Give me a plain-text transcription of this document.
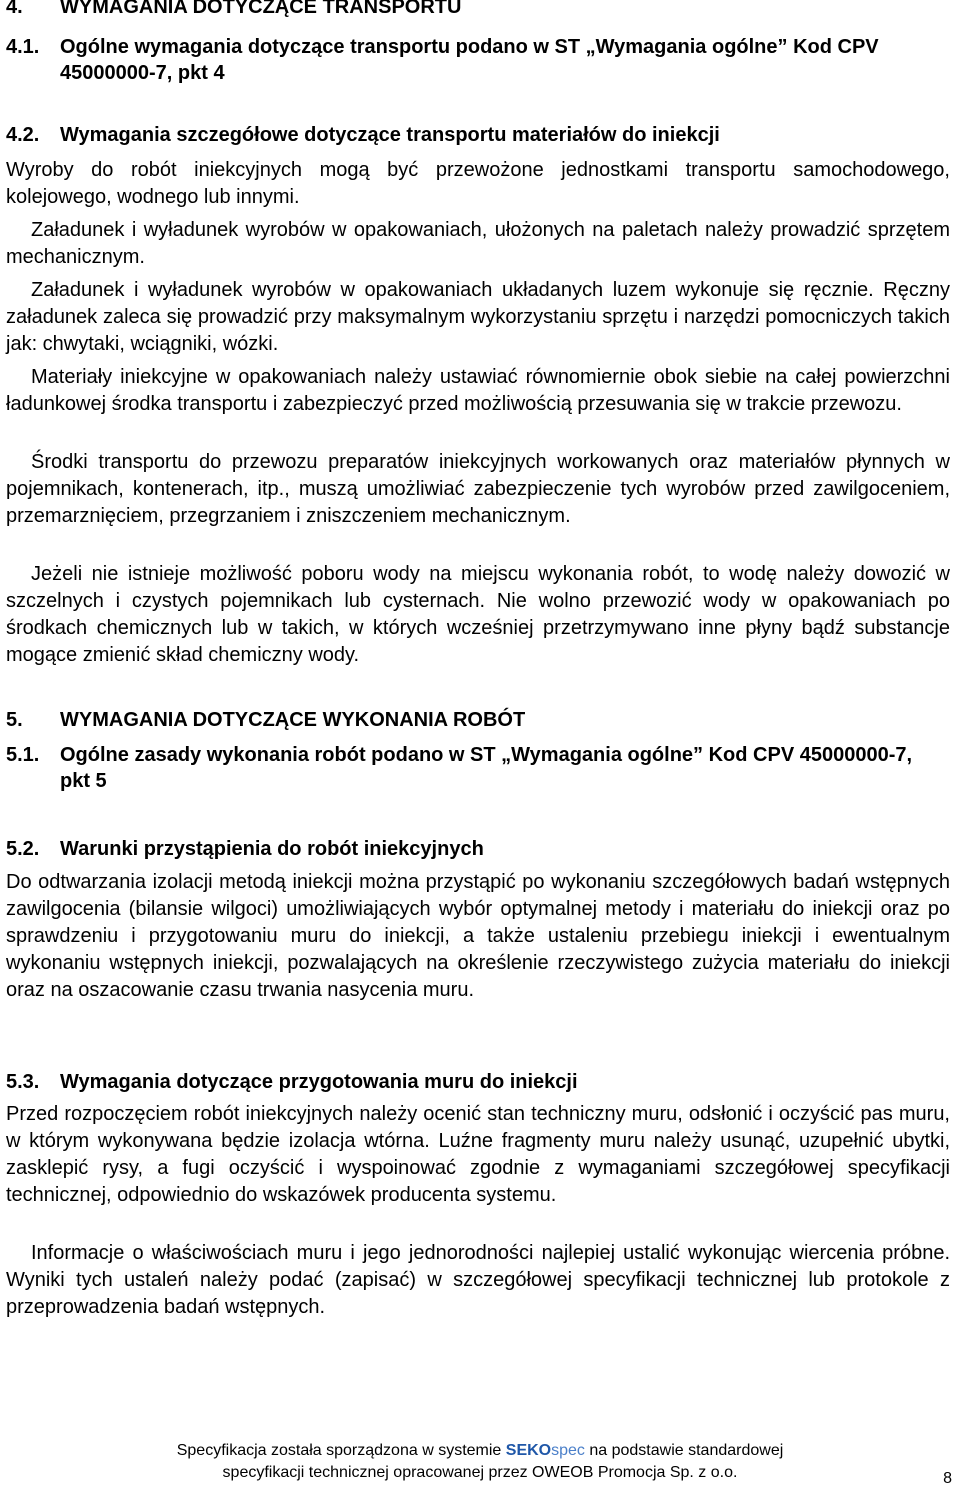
4. WYMAGANIA DOTYCZĄCE TRANSPORTU
4.1. Ogólne wymagania dotyczące transportu podano w ST „Wymagania ogólne” Kod CPV 45000000-7, pkt 4
4.2. Wymagania szczegółowe dotyczące transportu materiałów do iniekcji

Wyroby do robót iniekcyjnych mogą być przewożone jednostkami transportu samochodowego, kolejowego, wodnego lub innymi.

Załadunek i wyładunek wyrobów w opakowaniach, ułożonych na paletach należy prowadzić sprzętem mechanicznym.

Załadunek i wyładunek wyrobów w opakowaniach układanych luzem wykonuje się ręcznie. Ręczny załadunek zaleca się prowadzić przy maksymalnym wykorzystaniu sprzętu i narzędzi pomocniczych takich jak: chwytaki, wciągniki, wózki.

Materiały iniekcyjne w opakowaniach należy ustawiać równomiernie obok siebie na całej powierzchni ładunkowej środka transportu i zabezpieczyć przed możliwością przesuwania się w trakcie przewozu.

Środki transportu do przewozu preparatów iniekcyjnych workowanych oraz materiałów płynnych w pojemnikach, kontenerach, itp., muszą umożliwiać zabezpieczenie tych wyrobów przed zawilgoceniem, przemarznięciem, przegrzaniem i zniszczeniem mechanicznym.

Jeżeli nie istnieje możliwość poboru wody na miejscu wykonania robót, to wodę należy dowozić w szczelnych i czystych pojemnikach lub cysternach. Nie wolno przewozić wody w opakowaniach po środkach chemicznych lub w takich, w których wcześniej przetrzymywano inne płyny bądź substancje mogące zmienić skład chemiczny wody.

5. WYMAGANIA DOTYCZĄCE WYKONANIA ROBÓT
5.1. Ogólne zasady wykonania robót podano w ST „Wymagania ogólne” Kod CPV 45000000-7, pkt 5
5.2. Warunki przystąpienia do robót iniekcyjnych

Do odtwarzania izolacji metodą iniekcji można przystąpić po wykonaniu szczegółowych badań wstępnych zawilgocenia (bilansie wilgoci) umożliwiających wybór optymalnej metody i materiału do iniekcji oraz po sprawdzeniu i przygotowaniu muru do iniekcji, a także ustaleniu przebiegu iniekcji i ewentualnym wykonaniu wstępnych iniekcji, pozwalających na określenie rzeczywistego zużycia materiału do iniekcji oraz na oszacowanie czasu trwania nasycenia muru.

5.3. Wymagania dotyczące przygotowania muru do iniekcji

Przed rozpoczęciem robót iniekcyjnych należy ocenić stan techniczny muru, odsłonić i oczyścić pas muru, w którym wykonywana będzie izolacja wtórna. Luźne fragmenty muru należy usunąć, uzupełnić ubytki, zasklepić rysy, a fugi oczyścić i wyspoinować zgodnie z wymaganiami szczegółowej specyfikacji technicznej, odpowiednio do wskazówek producenta systemu.

Informacje o właściwościach muru i jego jednorodności najlepiej ustalić wykonując wiercenia próbne. Wyniki tych ustaleń należy podać (zapisać) w szczegółowej specyfikacji technicznej lub protokole z przeprowadzenia badań wstępnych.

Specyfikacja została sporządzona w systemie SEKOspec na podstawie standardowej
specyfikacji technicznej opracowanej przez OWEOB Promocja Sp. z o.o.	8
